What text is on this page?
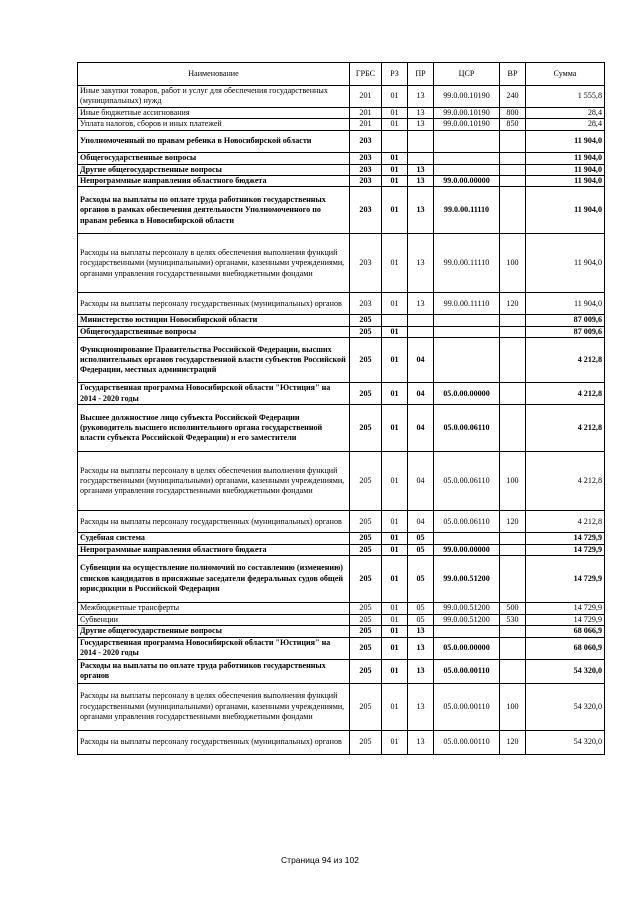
Наименование	ГРБС	РЗ	ПР	ЦСР	ВР	Сумма
Иные закупки товаров, работ и услуг для обеспечения государственных (муниципальных) нужд	201	01	13	99.0.00.10190	240	1 555,8
Иные бюджетные ассигнования	201	01	13	99.0.00.10190	800	28,4
Уплата налогов, сборов и иных платежей	201	01	13	99.0.00.10190	850	28,4
Уполномоченный по правам ребенка в Новосибирской области	203					11 904,0
Общегосударственные вопросы	203	01				11 904,0
Другие общегосударственные вопросы	203	01	13			11 904,0
Непрограммные направления областного бюджета	203	01	13	99.0.00.00000		11 904,0
Расходы на выплаты по оплате труда работников государственных органов в рамках обеспечения деятельности Уполномоченного по правам ребенка в Новосибирской области	203	01	13	99.0.00.11110		11 904,0
Расходы на выплаты персоналу в целях обеспечения выполнения функций государственными (муниципальными) органами, казенными учреждениями, органами управления государственными внебюджетными фондами	203	01	13	99.0.00.11110	100	11 904,0
Расходы на выплаты персоналу государственных (муниципальных) органов	203	01	13	99.0.00.11110	120	11 904,0
Министерство юстиции Новосибирской области	205					87 009,6
Общегосударственные вопросы	205	01				87 009,6
Функционирование Правительства Российской Федерации, высших исполнительных органов государственной власти субъектов Российской Федерации, местных администраций	205	01	04			4 212,8
Государственная программа Новосибирской области "Юстиция" на 2014 - 2020 годы	205	01	04	05.0.00.00000		4 212,8
Высшее должностное лицо субъекта Российской Федерации (руководитель высшего исполнительного органа государственной власти субъекта Российской Федерации) и его заместители	205	01	04	05.0.00.06110		4 212,8
Расходы на выплаты персоналу в целях обеспечения выполнения функций государственными (муниципальными) органами, казенными учреждениями, органами управления государственными внебюджетными фондами	205	01	04	05.0.00.06110	100	4 212,8
Расходы на выплаты персоналу государственных (муниципальных) органов	205	01	04	05.0.00.06110	120	4 212,8
Судебная система	205	01	05			14 729,9
Непрограммные направления областного бюджета	205	01	05	99.0.00.00000		14 729,9
Субвенции на осуществление полномочий по составлению (изменению) списков кандидатов в присяжные заседатели федеральных судов общей юрисдикции в Российской Федерации	205	01	05	99.0.00.51200		14 729,9
Межбюджетные трансферты	205	01	05	99.0.00.51200	500	14 729,9
Субвенции	205	01	05	99.0.00.51200	530	14 729,9
Другие общегосударственные вопросы	205	01	13			68 066,9
Государственная программа Новосибирской области "Юстиция" на 2014 - 2020 годы	205	01	13	05.0.00.00000		68 060,9
Расходы на выплаты по оплате труда работников государственных органов	205	01	13	05.0.00.00110		54 320,0
Расходы на выплаты персоналу в целях обеспечения выполнения функций государственными (муниципальными) органами, казенными учреждениями, органами управления государственными внебюджетными фондами	205	01	13	05.0.00.00110	100	54 320,0
Расходы на выплаты персоналу государственных (муниципальных) органов	205	01	13	05.0.00.00110	120	54 320,0
Страница 94 из 102
